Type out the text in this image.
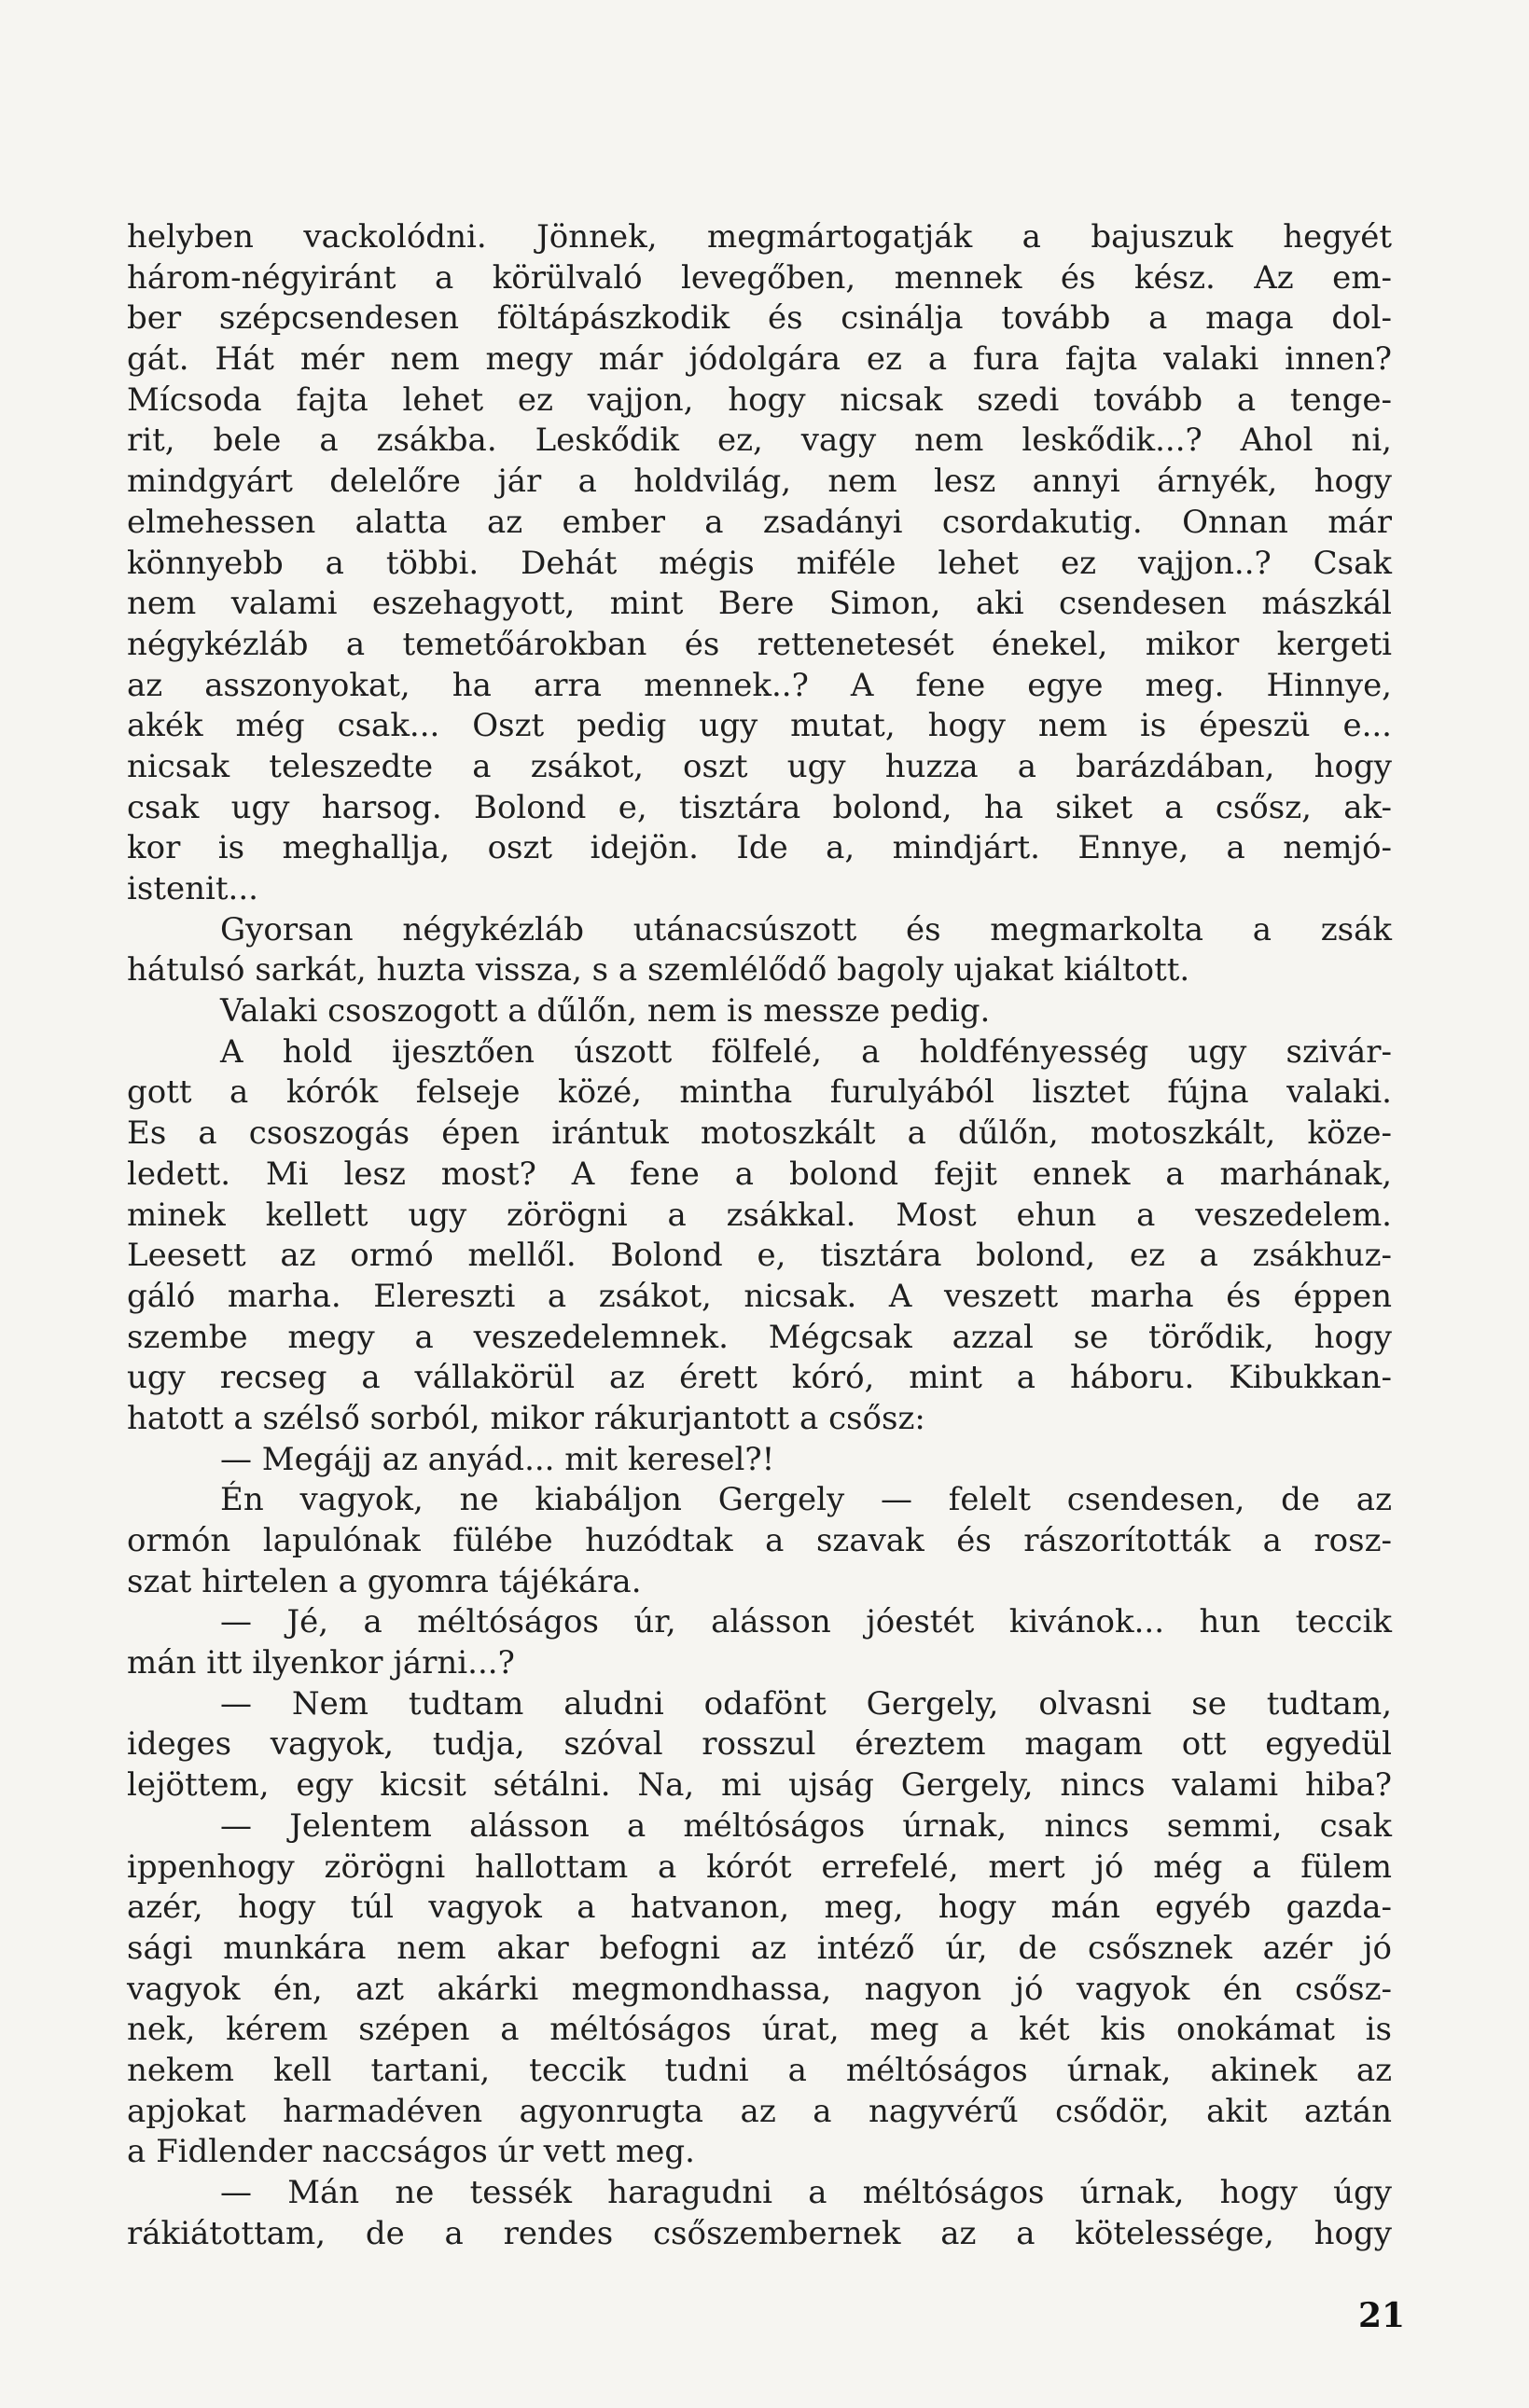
helyben vackolódni. Jönnek, megmártogatják a bajuszuk hegyét
három-négyiránt a körülvaló levegőben, mennek és kész. Az em-
ber szépcsendesen föltápászkodik és csinálja tovább a maga dol-
gát. Hát mér nem megy már jódolgára ez a fura fajta valaki innen?
Mícsoda fajta lehet ez vajjon, hogy nicsak szedi tovább a tenge-
rit, bele a zsákba. Leskődik ez, vagy nem leskődik...? Ahol ni,
mindgyárt delelőre jár a holdvilág, nem lesz annyi árnyék, hogy
elmehessen alatta az ember a zsadányi csordakutig. Onnan már
könnyebb a többi. Dehát mégis miféle lehet ez vajjon..? Csak
nem valami eszehagyott, mint Bere Simon, aki csendesen mászkál
négykézláb a temetőárokban és rettenetesét énekel, mikor kergeti
az asszonyokat, ha arra mennek..? A fene egye meg. Hinnye,
akék még csak... Oszt pedig ugy mutat, hogy nem is épeszü e...
nicsak teleszedte a zsákot, oszt ugy huzza a barázdában, hogy
csak ugy harsog. Bolond e, tisztára bolond, ha siket a csősz, ak-
kor is meghallja, oszt idejön. Ide a, mindjárt. Ennye, a nemjó-
istenit...
Gyorsan négykézláb utánacsúszott és megmarkolta a zsák
hátulsó sarkát, huzta vissza, s a szemlélődő bagoly ujakat kiáltott.
Valaki csoszogott a dűlőn, nem is messze pedig.
A hold ijesztően úszott fölfelé, a holdfényesség ugy szivár-
gott a kórók felseje közé, mintha furulyából lisztet fújna valaki.
Es a csoszogás épen irántuk motoszkált a dűlőn, motoszkált, köze-
ledett. Mi lesz most? A fene a bolond fejit ennek a marhának,
minek kellett ugy zörögni a zsákkal. Most ehun a veszedelem.
Leesett az ormó mellől. Bolond e, tisztára bolond, ez a zsákhuz-
gáló marha. Elereszti a zsákot, nicsak. A veszett marha és éppen
szembe megy a veszedelemnek. Mégcsak azzal se törődik, hogy
ugy recseg a vállakörül az érett kóró, mint a háboru. Kibukkan-
hatott a szélső sorból, mikor rákurjantott a csősz:
— Megájj az anyád... mit keresel?!
Én vagyok, ne kiabáljon Gergely — felelt csendesen, de az
ormón lapulónak fülébe huzódtak a szavak és rászorították a rosz-
szat hirtelen a gyomra tájékára.
— Jé, a méltóságos úr, alásson jóestét kivánok... hun teccik
mán itt ilyenkor járni...?
— Nem tudtam aludni odafönt Gergely, olvasni se tudtam,
ideges vagyok, tudja, szóval rosszul éreztem magam ott egyedül
lejöttem, egy kicsit sétálni. Na, mi ujság Gergely, nincs valami hiba?
— Jelentem alásson a méltóságos úrnak, nincs semmi, csak
ippenhogy zörögni hallottam a kórót errefelé, mert jó még a fülem
azér, hogy túl vagyok a hatvanon, meg, hogy mán egyéb gazda-
sági munkára nem akar befogni az intéző úr, de csősznek azér jó
vagyok én, azt akárki megmondhassa, nagyon jó vagyok én csősz-
nek, kérem szépen a méltóságos úrat, meg a két kis onokámat is
nekem kell tartani, teccik tudni a méltóságos úrnak, akinek az
apjokat harmadéven agyonrugta az a nagyvérű csődör, akit aztán
a Fidlender naccságos úr vett meg.
— Mán ne tessék haragudni a méltóságos úrnak, hogy úgy
rákiátottam, de a rendes csőszembernek az a kötelessége, hogy
21
